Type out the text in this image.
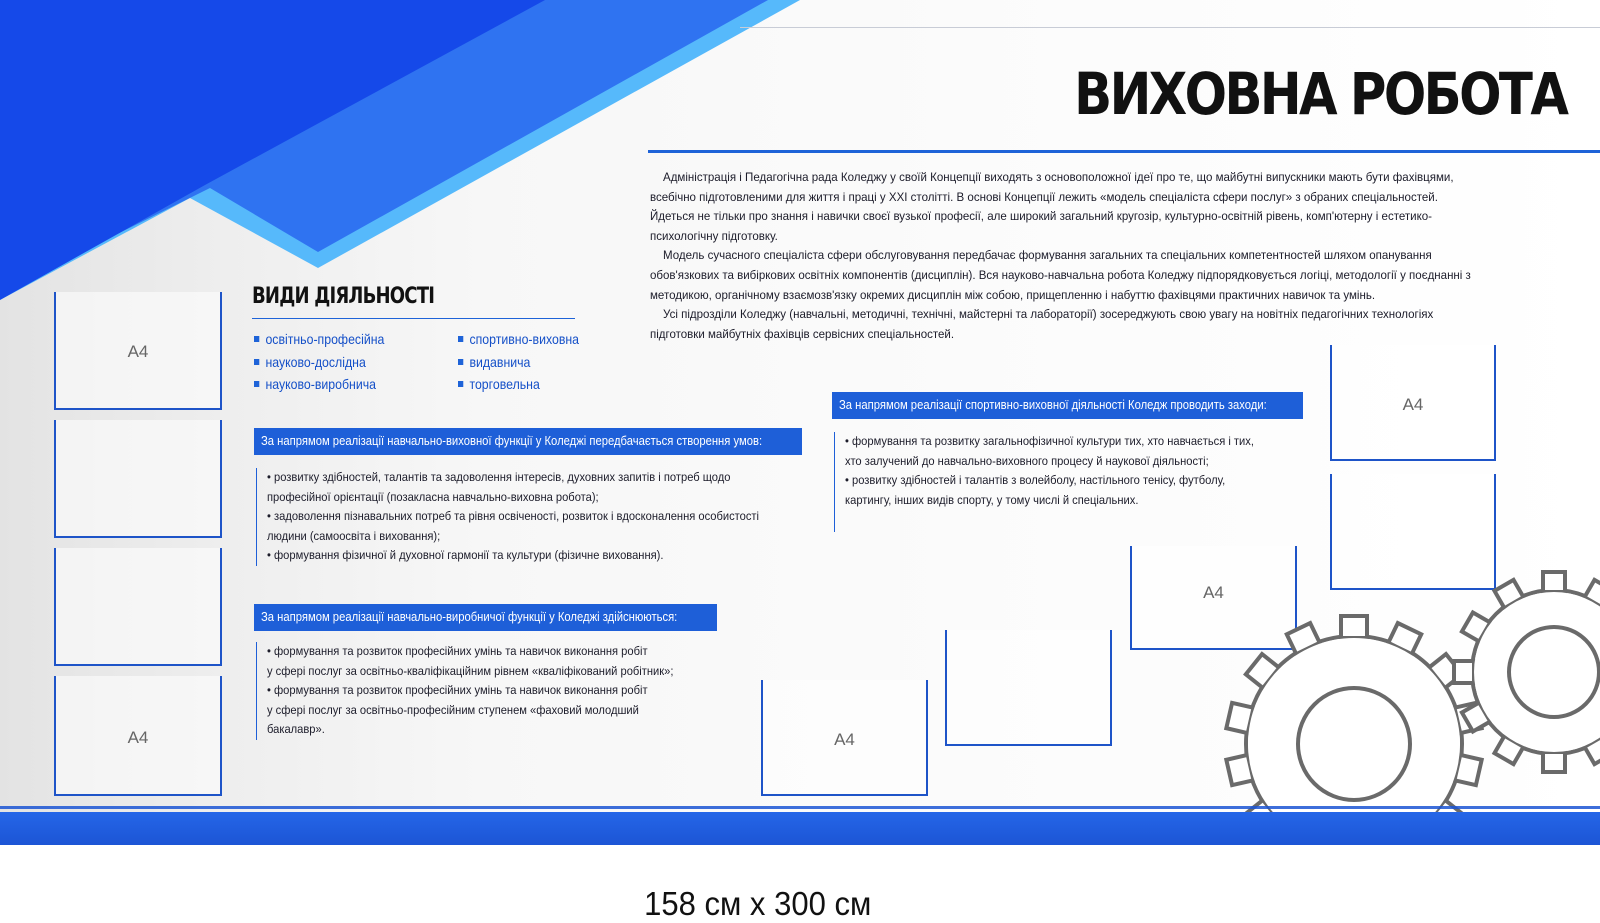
ВИХОВНА РОБОТА

Адміністрація і Педагогічна рада Коледжу у своїй Концепції виходять з основоположної ідеї про те, що майбутні випускники мають бути фахівцями, всебічно підготовленими для життя і праці у XXI столітті. В основі Концепції лежить «модель спеціаліста сфери послуг» з обраних спеціальностей. Йдеться не тільки про знання і навички своєї вузької професії, але широкий загальний кругозір, культурно-освітній рівень, комп'ютерну і естетико-психологічну підготовку.

Модель сучасного спеціаліста сфери обслуговування передбачає формування загальних та спеціальних компетентностей шляхом опанування обов'язкових та вибіркових освітніх компонентів (дисциплін). Вся науково-навчальна робота Коледжу підпорядковується логіці, методології у поєднанні з методикою, органічному взаємозв'язку окремих дисциплін між собою, прищепленню і набуттю фахівцями практичних навичок та умінь.

Усі підрозділи Коледжу (навчальні, методичні, технічні, майстерні та лабораторії) зосереджують свою увагу на новітніх педагогічних технологіях підготовки майбутніх фахівців сервісних спеціальностей.

ВИДИ ДІЯЛЬНОСТІ
освітньо-професійна
науково-дослідна
науково-виробнича
спортивно-виховна
видавнича
торговельна
За напрямом реалізації навчально-виховної функції у Коледжі передбачається створення умов:
• розвитку здібностей, талантів та задоволення інтересів, духовних запитів і потреб щодо
професійної орієнтації (позакласна навчально-виховна робота);
• задоволення пізнавальних потреб та рівня освіченості, розвиток і вдосконалення особистості
людини (самоосвіта і виховання);
• формування фізичної й духовної гармонії та культури (фізичне виховання).
За напрямом реалізації навчально-виробничої функції у Коледжі здійснюються:
• формування та розвиток професійних умінь та навичок виконання робіт
у сфері послуг за освітньо-кваліфікаційним рівнем «кваліфікований робітник»;
• формування та розвиток професійних умінь та навичок виконання робіт
у сфері послуг за освітньо-професійним ступенем «фаховий молодший
бакалавр».
За напрямом реалізації спортивно-виховної діяльності Коледж проводить заходи:
• формування та розвитку загальнофізичної культури тих, хто навчається і тих,
хто залучений до навчально-виховного процесу й наукової діяльності;
• розвитку здібностей і талантів з волейболу, настільного тенісу, футболу,
картингу, інших видів спорту, у тому числі й спеціальних.
А4
А4	А4
А4
А4
158 см х 300 см
